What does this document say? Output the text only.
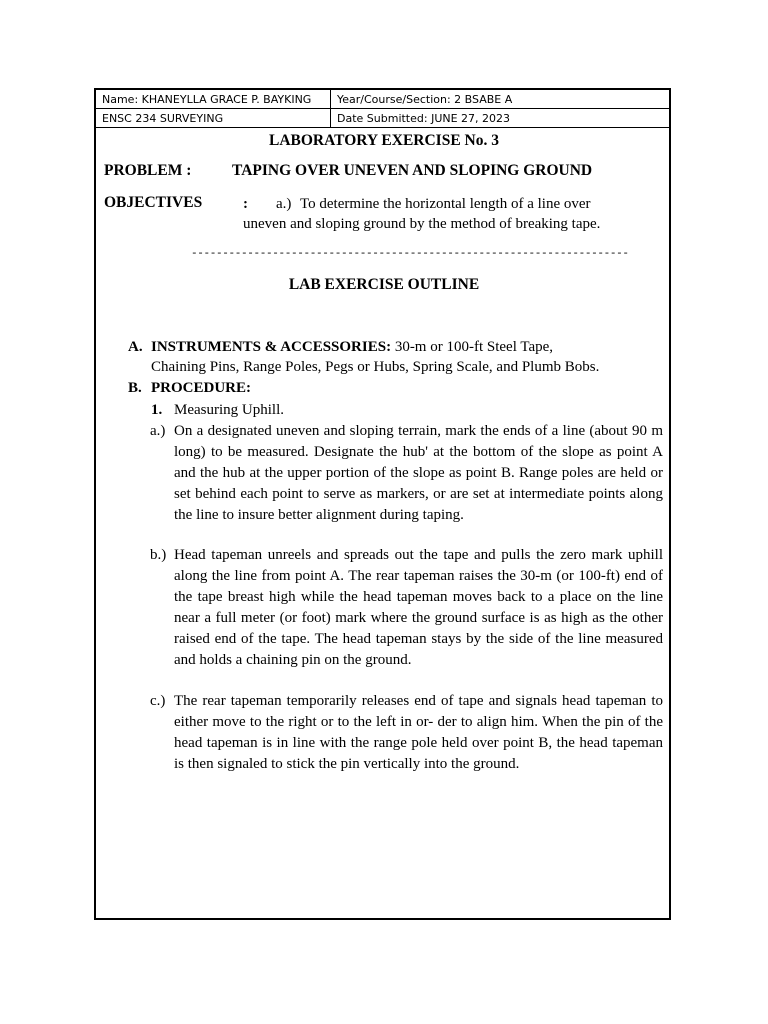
Name: KHANEYLLA GRACE P. BAYKING	Year/Course/Section: 2 BSABE A
ENSC 234 SURVEYING	Date Submitted: JUNE 27, 2023
LABORATORY EXERCISE No. 3
PROBLEM :	TAPING OVER UNEVEN AND SLOPING GROUND
OBJECTIVES	: a.) To determine the horizontal length of a line over
uneven and sloping ground by the method of breaking tape.
----------------------------------------------------------------------
LAB EXERCISE OUTLINE
A. INSTRUMENTS & ACCESSORIES: 30-m or 100-ft Steel Tape,
Chaining Pins, Range Poles, Pegs or Hubs, Spring Scale, and Plumb Bobs.
B. PROCEDURE:
1. Measuring Uphill.
a.) On a designated uneven and sloping terrain, mark the ends of a line (about 90 m long) to be measured. Designate the hub' at the bottom of the slope as point A and the hub at the upper portion of the slope as point B. Range poles are held or set behind each point to serve as markers, or are set at intermediate points along the line to insure better alignment during taping.
b.) Head tapeman unreels and spreads out the tape and pulls the zero mark uphill along the line from point A. The rear tapeman raises the 30-m (or 100-ft) end of the tape breast high while the head tapeman moves back to a place on the line near a full meter (or foot) mark where the ground surface is as high as the other raised end of the tape. The head tapeman stays by the side of the line measured and holds a chaining pin on the ground.
c.) The rear tapeman temporarily releases end of tape and signals head tapeman to either move to the right or to the left in or- der to align him. When the pin of the head tapeman is in line with the range pole held over point B, the head tapeman is then signaled to stick the pin vertically into the ground.
